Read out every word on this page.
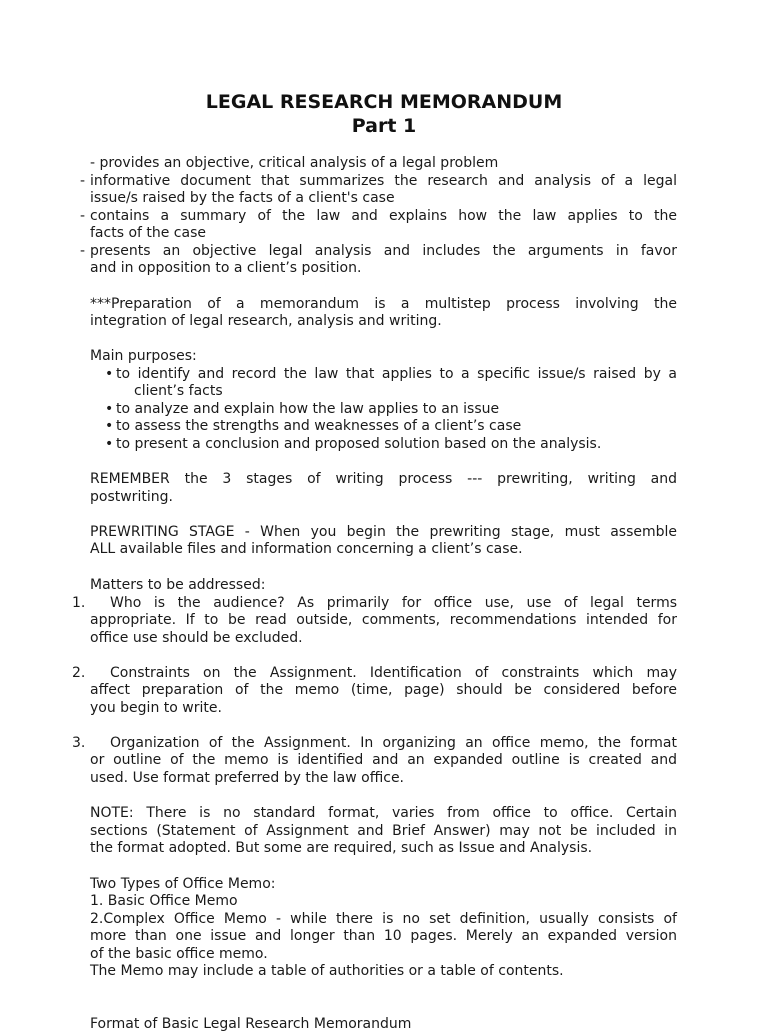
LEGAL RESEARCH MEMORANDUM
Part 1

- provides an objective, critical analysis of a legal problem

- informative document that summarizes the research and analysis of a legal

issue/s raised by the facts of a client's case

- contains a summary of the law and explains how the law applies to the

facts of the case

- presents an objective legal analysis and includes the arguments in favor

and in opposition to a client’s position.

***Preparation of a memorandum is a multistep process involving the

integration of legal research, analysis and writing.

Main purposes:

• to identify and record the law that applies to a specific issue/s raised by a

client’s facts

• to analyze and explain how the law applies to an issue

• to assess the strengths and weaknesses of a client’s case

• to present a conclusion and proposed solution based on the analysis.

REMEMBER the 3 stages of writing process --- prewriting, writing and

postwriting.

PREWRITING STAGE - When you begin the prewriting stage, must assemble

ALL available files and information concerning a client’s case.

Matters to be addressed:

1. Who is the audience? As primarily for office use, use of legal terms

appropriate. If to be read outside, comments, recommendations intended for

office use should be excluded.

2. Constraints on the Assignment. Identification of constraints which may

affect preparation of the memo (time, page) should be considered before

you begin to write.

3. Organization of the Assignment. In organizing an office memo, the format

or outline of the memo is identified and an expanded outline is created and

used. Use format preferred by the law office.

NOTE: There is no standard format, varies from office to office. Certain

sections (Statement of Assignment and Brief Answer) may not be included in

the format adopted. But some are required, such as Issue and Analysis.

Two Types of Office Memo:

1. Basic Office Memo

2.Complex Office Memo - while there is no set definition, usually consists of

more than one issue and longer than 10 pages. Merely an expanded version

of the basic office memo.

The Memo may include a table of authorities or a table of contents.

Format of Basic Legal Research Memorandum
